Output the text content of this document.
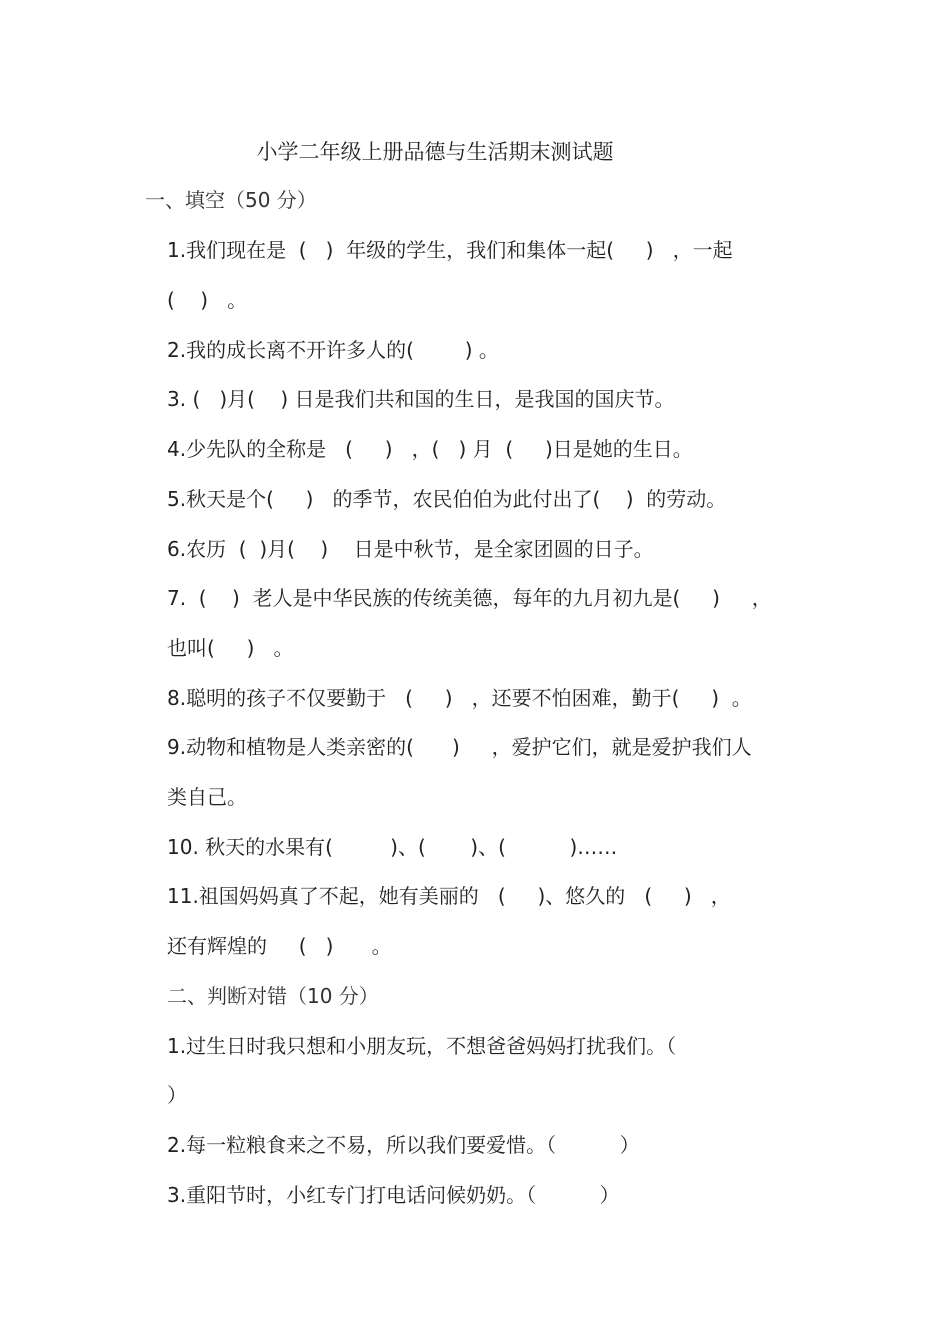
小学二年级上册品德与生活期末测试题
一、填空（50 分）
1.我们现在是  (   )  年级的学生，我们和集体一起(     )   ，一起
(    )   。
2.我的成长离不开许多人的(        ) 。
3. (   )月(    ) 日是我们共和国的生日，是我国的国庆节。
4.少先队的全称是   (     )   ，(   ) 月  (     )日是她的生日。
5.秋天是个(     )   的季节，农民伯伯为此付出了(    )  的劳动。
6.农历  (  )月(    )    日是中秋节，是全家团圆的日子。
7.  (    )  老人是中华民族的传统美德，每年的九月初九是(     )     ，
也叫(     )   。
8.聪明的孩子不仅要勤于   (     )   ，还要不怕困难，勤于(     )  。
9.动物和植物是人类亲密的(      )     ，爱护它们，就是爱护我们人
类自己。
10. 秋天的水果有(         )、(       )、(          )……
11.祖国妈妈真了不起，她有美丽的   (     )、悠久的   (     )   ，
还有辉煌的     (   )      。
二、判断对错（10 分）
1.过生日时我只想和小朋友玩，不想爸爸妈妈打扰我们。（
）
2.每一粒粮食来之不易，所以我们要爱惜。（          ）
3.重阳节时，小红专门打电话问候奶奶。（          ）
